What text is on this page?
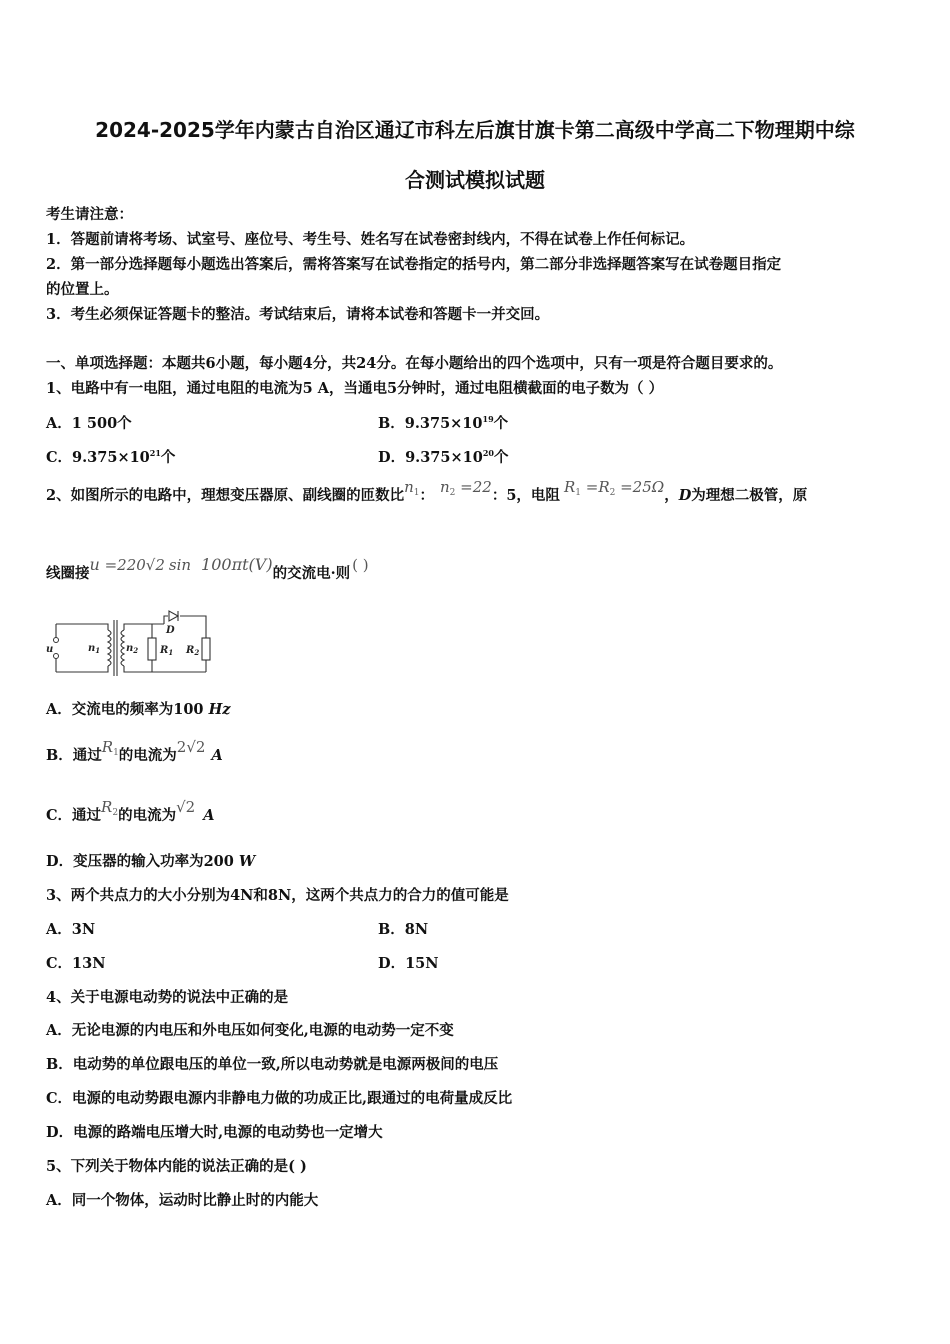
2024-2025学年内蒙古自治区通辽市科左后旗甘旗卡第二高级中学高二下物理期中综
合测试模拟试题
考生请注意：
1．答题前请将考场、试室号、座位号、考生号、姓名写在试卷密封线内，不得在试卷上作任何标记。
2．第一部分选择题每小题选出答案后，需将答案写在试卷指定的括号内，第二部分非选择题答案写在试卷题目指定
的位置上。
3．考生必须保证答题卡的整洁。考试结束后，请将本试卷和答题卡一并交回。
一、单项选择题：本题共6小题，每小题4分，共24分。在每小题给出的四个选项中，只有一项是符合题目要求的。
1、电路中有一电阻，通过电阻的电流为5 A，当通电5分钟时，通过电阻横截面的电子数为（ ）
A．1 500个	B．$9.375\times 10^{19}$个
C．$9.375\times 10^{21}$个	D．$9.375\times 10^{20}$个
2、如图所示的电路中，理想变压器原、副线圈的匝数比$n_1$： $n_2 =22$：5，电阻 $R_1 =R_2 =25\Omega$，D为理想二极管，原
线圈接u =220√2 sin 100πt(V)的交流电·则 ( )
u	$n_1$	$n_2$
D
$R_1$ $R_2$
A．交流电的频率为100 Hz
B．通过$R_1$的电流为2√2 A
C．通过$R_2$的电流为√2 A
D．变压器的输入功率为200 W
3、两个共点力的大小分别为4N和8N，这两个共点力的合力的值可能是
A．3N	B．8N
C．13N	D．15N
4、关于电源电动势的说法中正确的是
A．无论电源的内电压和外电压如何变化,电源的电动势一定不变
B．电动势的单位跟电压的单位一致,所以电动势就是电源两极间的电压
C．电源的电动势跟电源内非静电力做的功成正比,跟通过的电荷量成反比
D．电源的路端电压增大时,电源的电动势也一定增大
5、下列关于物体内能的说法正确的是( )
A．同一个物体，运动时比静止时的内能大
